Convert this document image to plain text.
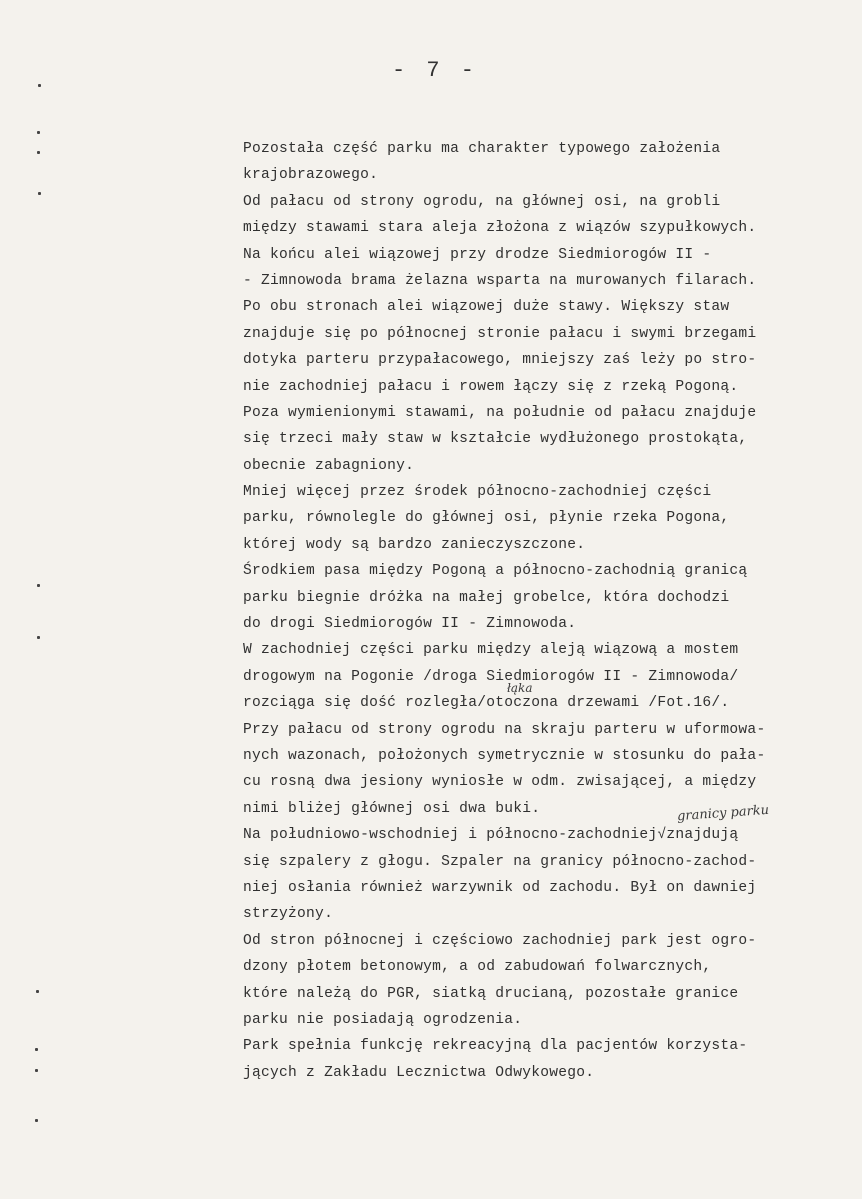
- 7 -
Pozostała część parku ma charakter typowego założenia
krajobrazowego.
Od pałacu od strony ogrodu, na głównej osi, na grobli
między stawami stara aleja złożona z wiązów szypułkowych.
Na końcu alei wiązowej przy drodze Siedmiorogów II -
- Zimnowoda brama żelazna wsparta na murowanych filarach.
Po obu stronach alei wiązowej duże stawy. Większy staw
znajduje się po północnej stronie pałacu i swymi brzegami
dotyka parteru przypałacowego, mniejszy zaś leży po stro-
nie zachodniej pałacu i rowem łączy się z rzeką Pogoną.
Poza wymienionymi stawami, na południe od pałacu znajduje
się trzeci mały staw w kształcie wydłużonego prostokąta,
obecnie zabagniony.
Mniej więcej przez środek północno-zachodniej części
parku, równolegle do głównej osi, płynie rzeka Pogona,
której wody są bardzo zanieczyszczone.
Środkiem pasa między Pogoną a północno-zachodnią granicą
parku biegnie dróżka na małej grobelce, która dochodzi
do drogi Siedmiorogów II - Zimnowoda.
W zachodniej części parku między aleją wiązową a mostem
drogowym na Pogonie /droga Siedmiorogów II - Zimnowoda/
rozciąga się dość rozległa/otoczona drzewami /Fot.16/.
Przy pałacu od strony ogrodu na skraju parteru w uformowa-
nych wazonach, położonych symetrycznie w stosunku do pała-
cu rosną dwa jesiony wyniosłe w odm. zwisającej, a między
nimi bliżej głównej osi dwa buki.
Na południowo-wschodniej i północno-zachodniej√znajdują
się szpalery z głogu. Szpaler na granicy północno-zachod-
niej osłania również warzywnik od zachodu. Był on dawniej
strzyżony.
Od stron północnej i częściowo zachodniej park jest ogro-
dzony płotem betonowym, a od zabudowań folwarcznych,
które należą do PGR, siatką drucianą, pozostałe granice
parku nie posiadają ogrodzenia.
Park spełnia funkcję rekreacyjną dla pacjentów korzysta-
jących z Zakładu Lecznictwa Odwykowego.
łąka
granicy parku
